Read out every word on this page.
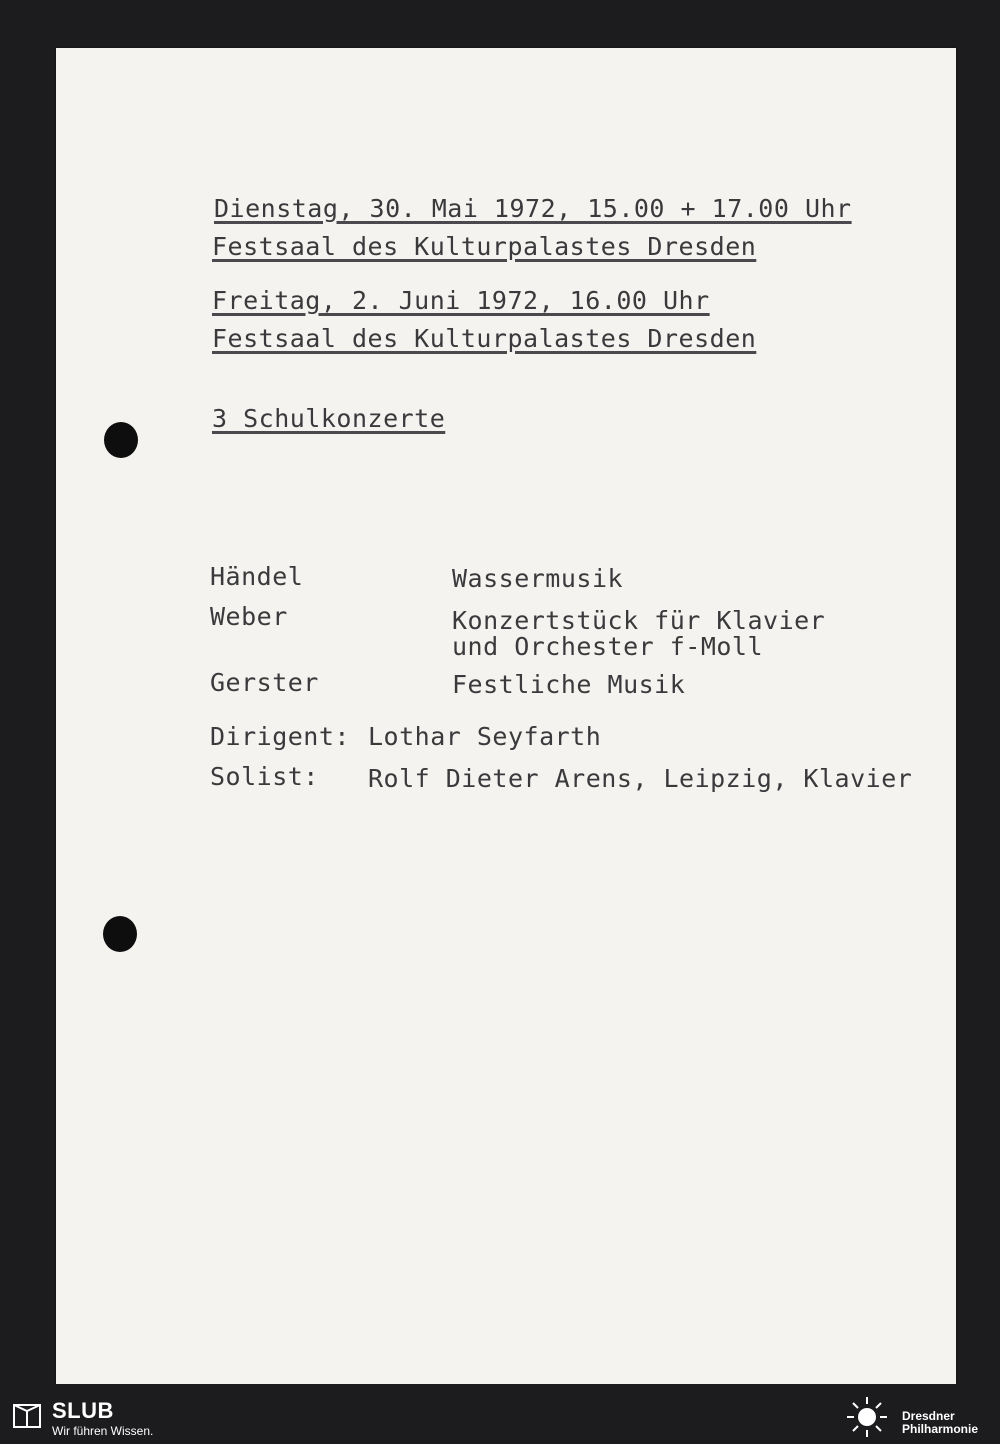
Dienstag, 30. Mai 1972, 15.00 + 17.00 Uhr
Festsaal des Kulturpalastes Dresden
Freitag, 2. Juni 1972, 16.00 Uhr
Festsaal des Kulturpalastes Dresden
3 Schulkonzerte
Händel	Wassermusik
Weber	Konzertstück für Klavier
und Orchester f-Moll
Gerster	Festliche Musik
Dirigent: Lothar Seyfarth
Solist: Rolf Dieter Arens, Leipzig, Klavier
SLUB
Wir führen Wissen.
Dresdner
Philharmonie
